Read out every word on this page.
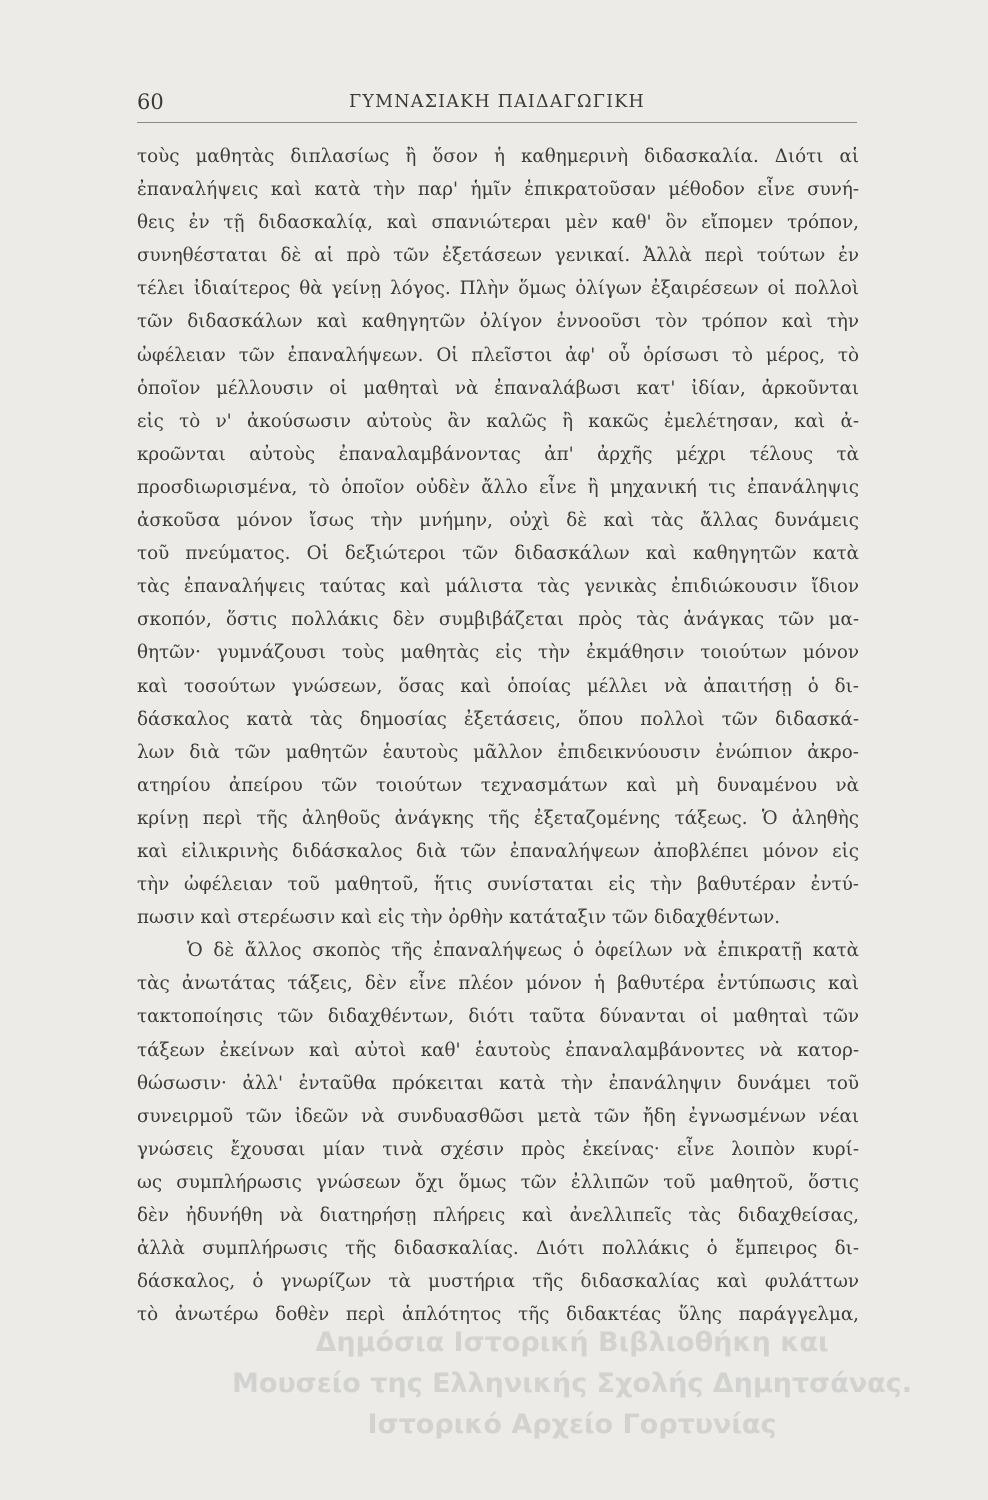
60	ΓΥΜΝΑΣΙΑΚΗ ΠΑΙΔΑΓΩΓΙΚΗ
τοὺς μαθητὰς διπλασίως ἢ ὅσον ἡ καθημερινὴ διδασκαλία. Διότι αἱ
ἐπαναλήψεις καὶ κατὰ τὴν παρ' ἡμῖν ἐπικρατοῦσαν μέθοδον εἶνε συνή-
θεις ἐν τῇ διδασκαλίᾳ, καὶ σπανιώτεραι μὲν καθ' ὃν εἴπομεν τρόπον,
συνηθέσταται δὲ αἱ πρὸ τῶν ἐξετάσεων γενικαί. Ἀλλὰ περὶ τούτων ἐν
τέλει ἰδιαίτερος θὰ γείνῃ λόγος. Πλὴν ὅμως ὀλίγων ἐξαιρέσεων οἱ πολλοὶ
τῶν διδασκάλων καὶ καθηγητῶν ὀλίγον ἐννοοῦσι τὸν τρόπον καὶ τὴν
ὠφέλειαν τῶν ἐπαναλήψεων. Οἱ πλεῖστοι ἀφ' οὗ ὁρίσωσι τὸ μέρος, τὸ
ὁποῖον μέλλουσιν οἱ μαθηταὶ νὰ ἐπαναλάβωσι κατ' ἰδίαν, ἀρκοῦνται
εἰς τὸ ν' ἀκούσωσιν αὐτοὺς ἂν καλῶς ἢ κακῶς ἐμελέτησαν, καὶ ἀ-
κροῶνται αὐτοὺς ἐπαναλαμβάνοντας ἀπ' ἀρχῆς μέχρι τέλους τὰ
προσδιωρισμένα, τὸ ὁποῖον οὐδὲν ἄλλο εἶνε ἢ μηχανική τις ἐπανάληψις
ἀσκοῦσα μόνον ἴσως τὴν μνήμην, οὐχὶ δὲ καὶ τὰς ἄλλας δυνάμεις
τοῦ πνεύματος. Οἱ δεξιώτεροι τῶν διδασκάλων καὶ καθηγητῶν κατὰ
τὰς ἐπαναλήψεις ταύτας καὶ μάλιστα τὰς γενικὰς ἐπιδιώκουσιν ἴδιον
σκοπόν, ὅστις πολλάκις δὲν συμβιβάζεται πρὸς τὰς ἀνάγκας τῶν μα-
θητῶν· γυμνάζουσι τοὺς μαθητὰς εἰς τὴν ἐκμάθησιν τοιούτων μόνον
καὶ τοσούτων γνώσεων, ὅσας καὶ ὁποίας μέλλει νὰ ἀπαιτήσῃ ὁ δι-
δάσκαλος κατὰ τὰς δημοσίας ἐξετάσεις, ὅπου πολλοὶ τῶν διδασκά-
λων διὰ τῶν μαθητῶν ἑαυτοὺς μᾶλλον ἐπιδεικνύουσιν ἐνώπιον ἀκρο-
ατηρίου ἀπείρου τῶν τοιούτων τεχνασμάτων καὶ μὴ δυναμένου νὰ
κρίνῃ περὶ τῆς ἀληθοῦς ἀνάγκης τῆς ἐξεταζομένης τάξεως. Ὁ ἀληθὴς
καὶ εἰλικρινὴς διδάσκαλος διὰ τῶν ἐπαναλήψεων ἀποβλέπει μόνον εἰς
τὴν ὠφέλειαν τοῦ μαθητοῦ, ἥτις συνίσταται εἰς τὴν βαθυτέραν ἐντύ-
πωσιν καὶ στερέωσιν καὶ εἰς τὴν ὀρθὴν κατάταξιν τῶν διδαχθέντων.
Ὁ δὲ ἄλλος σκοπὸς τῆς ἐπαναλήψεως ὁ ὀφείλων νὰ ἐπικρατῇ κατὰ
τὰς ἀνωτάτας τάξεις, δὲν εἶνε πλέον μόνον ἡ βαθυτέρα ἐντύπωσις καὶ
τακτοποίησις τῶν διδαχθέντων, διότι ταῦτα δύνανται οἱ μαθηταὶ τῶν
τάξεων ἐκείνων καὶ αὐτοὶ καθ' ἑαυτοὺς ἐπαναλαμβάνοντες νὰ κατορ-
θώσωσιν· ἀλλ' ἐνταῦθα πρόκειται κατὰ τὴν ἐπανάληψιν δυνάμει τοῦ
συνειρμοῦ τῶν ἰδεῶν νὰ συνδυασθῶσι μετὰ τῶν ἤδη ἐγνωσμένων νέαι
γνώσεις ἔχουσαι μίαν τινὰ σχέσιν πρὸς ἐκείνας· εἶνε λοιπὸν κυρί-
ως συμπλήρωσις γνώσεων ὄχι ὅμως τῶν ἐλλιπῶν τοῦ μαθητοῦ, ὅστις
δὲν ἠδυνήθη νὰ διατηρήσῃ πλήρεις καὶ ἀνελλιπεῖς τὰς διδαχθείσας,
ἀλλὰ συμπλήρωσις τῆς διδασκαλίας. Διότι πολλάκις ὁ ἔμπειρος δι-
δάσκαλος, ὁ γνωρίζων τὰ μυστήρια τῆς διδασκαλίας καὶ φυλάττων
τὸ ἀνωτέρω δοθὲν περὶ ἁπλότητος τῆς διδακτέας ὕλης παράγγελμα,
Δημόσια Ιστορική Βιβλιοθήκη και
Μουσείο της Ελληνικής Σχολής Δημητσάνας.
Ιστορικό Αρχείο Γορτυνίας
